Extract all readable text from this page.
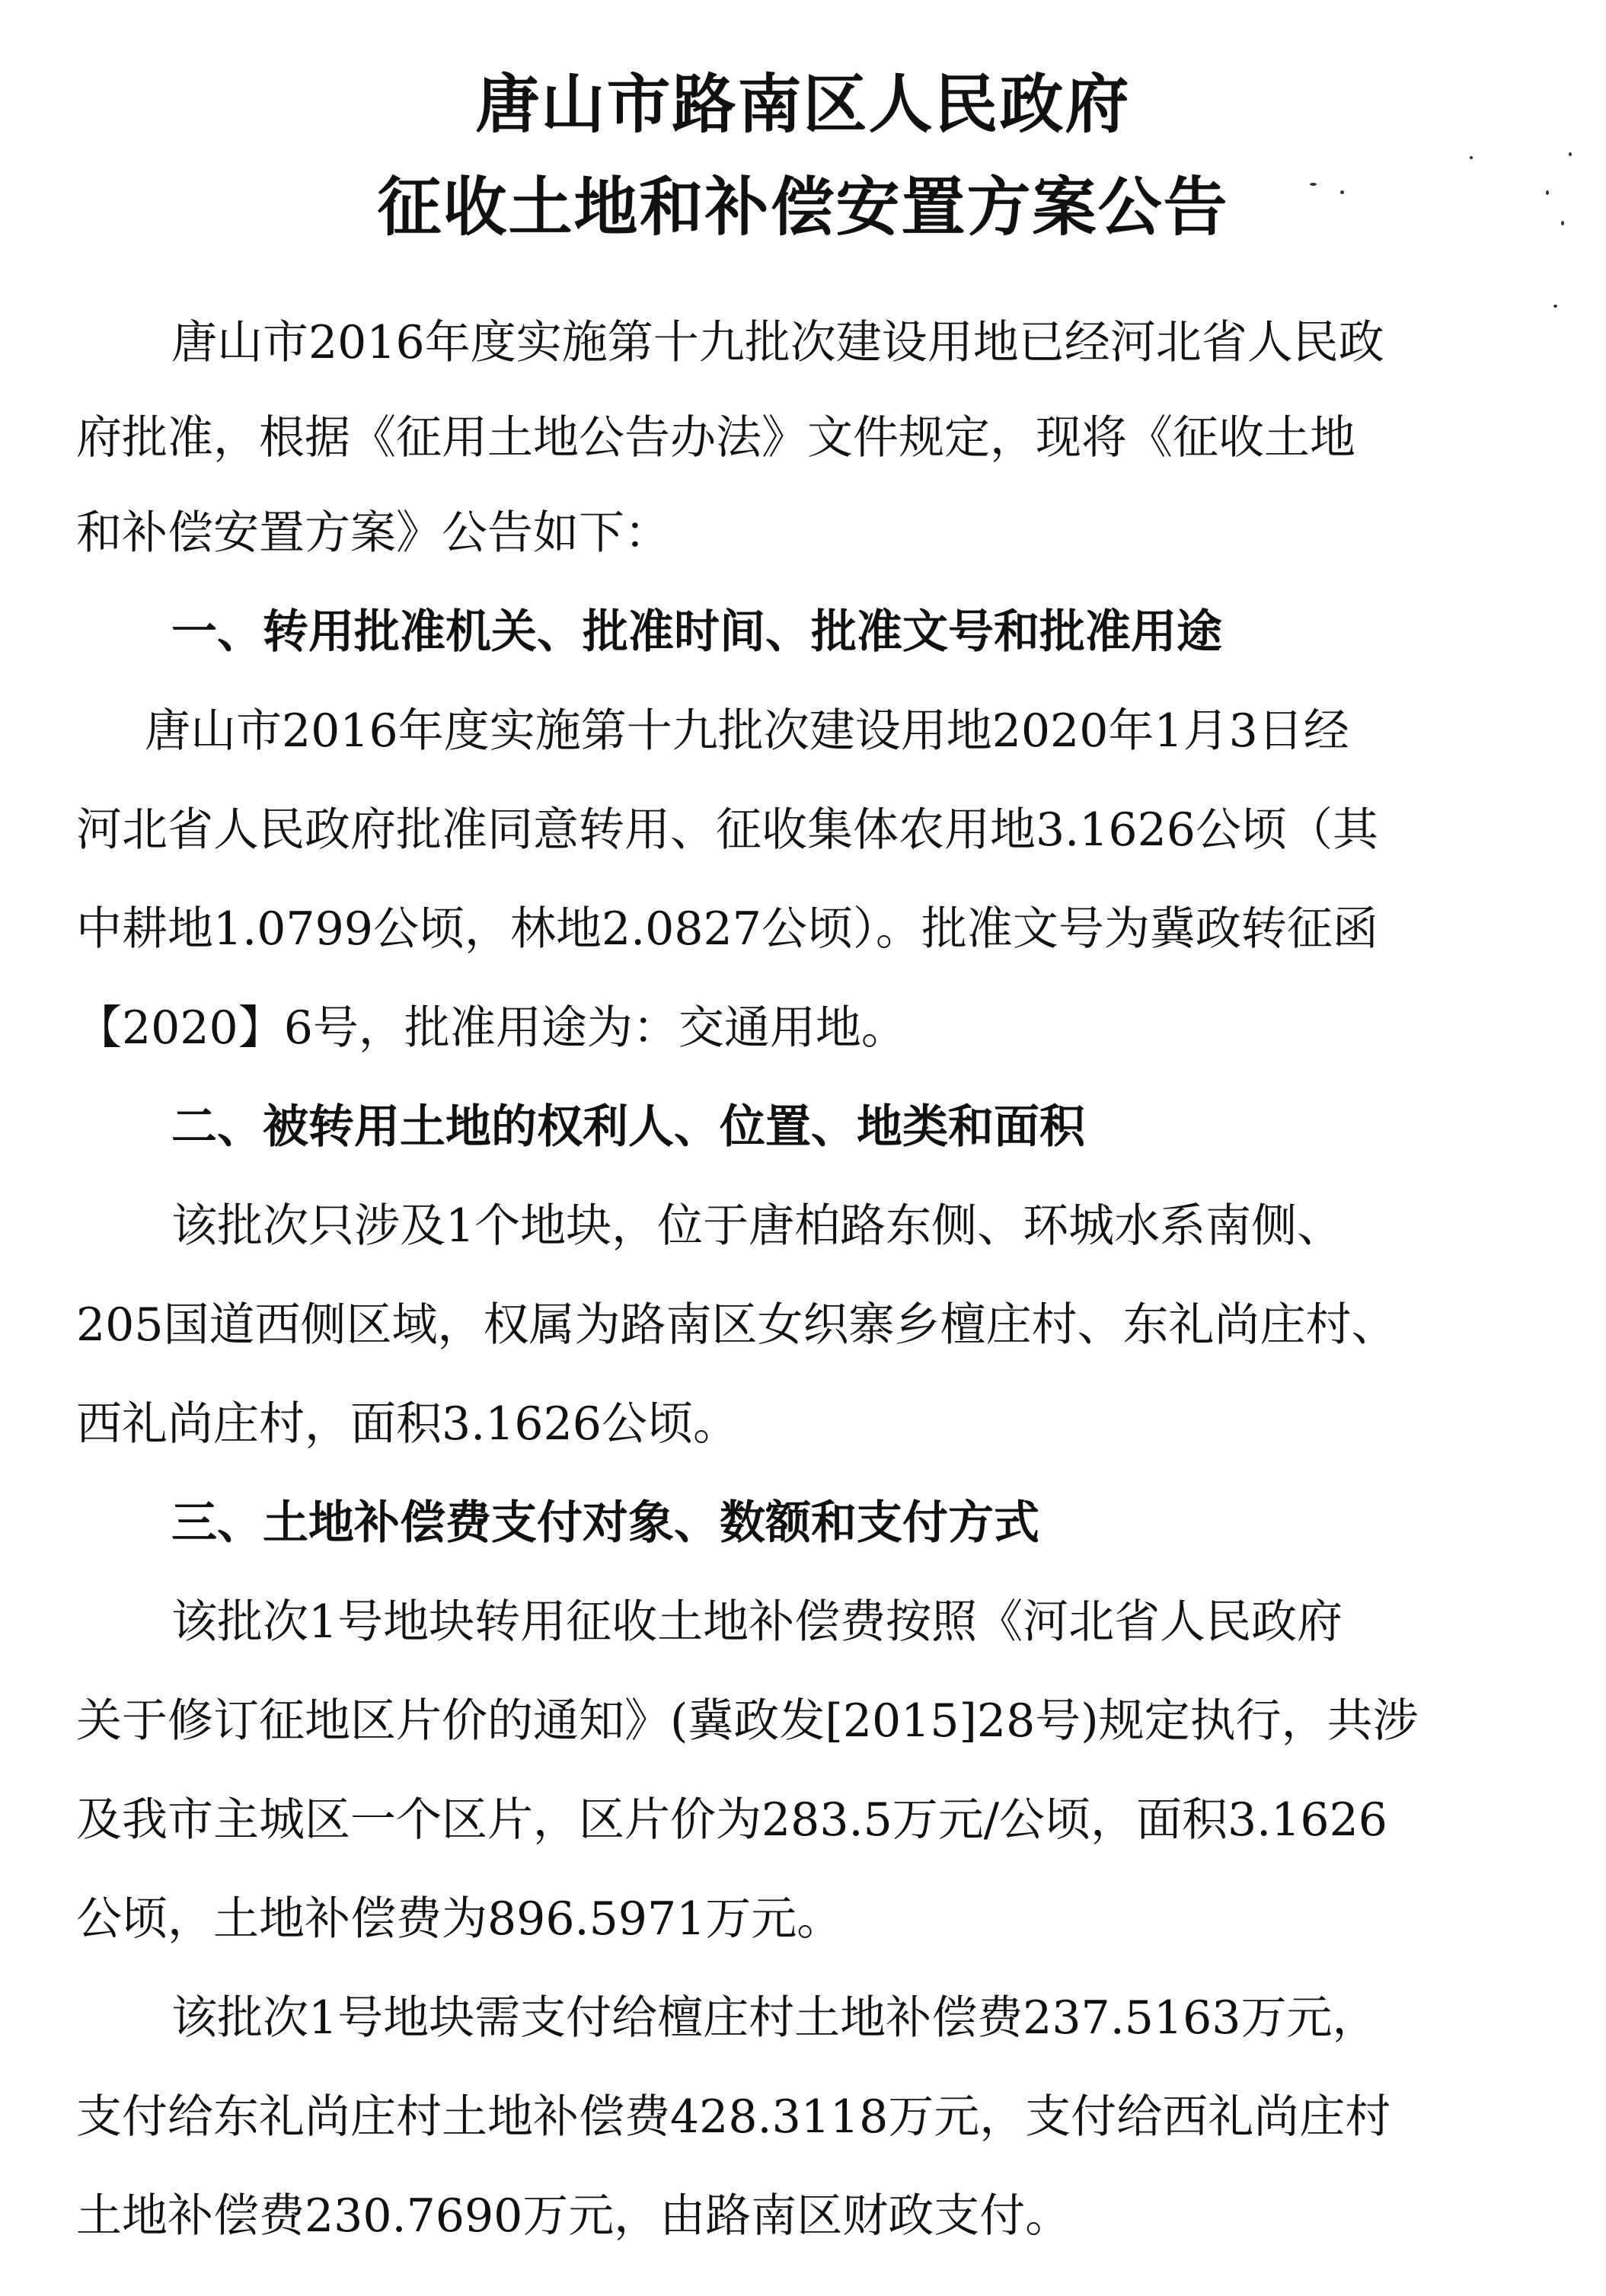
唐山市路南区人民政府
征收土地和补偿安置方案公告
唐山市2016年度实施第十九批次建设用地已经河北省人民政
府批准，根据《征用土地公告办法》文件规定，现将《征收土地
和补偿安置方案》公告如下：
一、转用批准机关、批准时间、批准文号和批准用途
唐山市2016年度实施第十九批次建设用地2020年1月3日经
河北省人民政府批准同意转用、征收集体农用地3.1626公顷（其
中耕地1.0799公顷，林地2.0827公顷）。批准文号为冀政转征函
【2020】6号，批准用途为：交通用地。
二、被转用土地的权利人、位置、地类和面积
该批次只涉及1个地块，位于唐柏路东侧、环城水系南侧、
205国道西侧区域，权属为路南区女织寨乡檀庄村、东礼尚庄村、
西礼尚庄村，面积3.1626公顷。
三、土地补偿费支付对象、数额和支付方式
该批次1号地块转用征收土地补偿费按照《河北省人民政府
关于修订征地区片价的通知》(冀政发[2015]28号)规定执行，共涉
及我市主城区一个区片，区片价为283.5万元/公顷，面积3.1626
公顷，土地补偿费为896.5971万元。
该批次1号地块需支付给檀庄村土地补偿费237.5163万元，
支付给东礼尚庄村土地补偿费428.3118万元，支付给西礼尚庄村
土地补偿费230.7690万元，由路南区财政支付。
